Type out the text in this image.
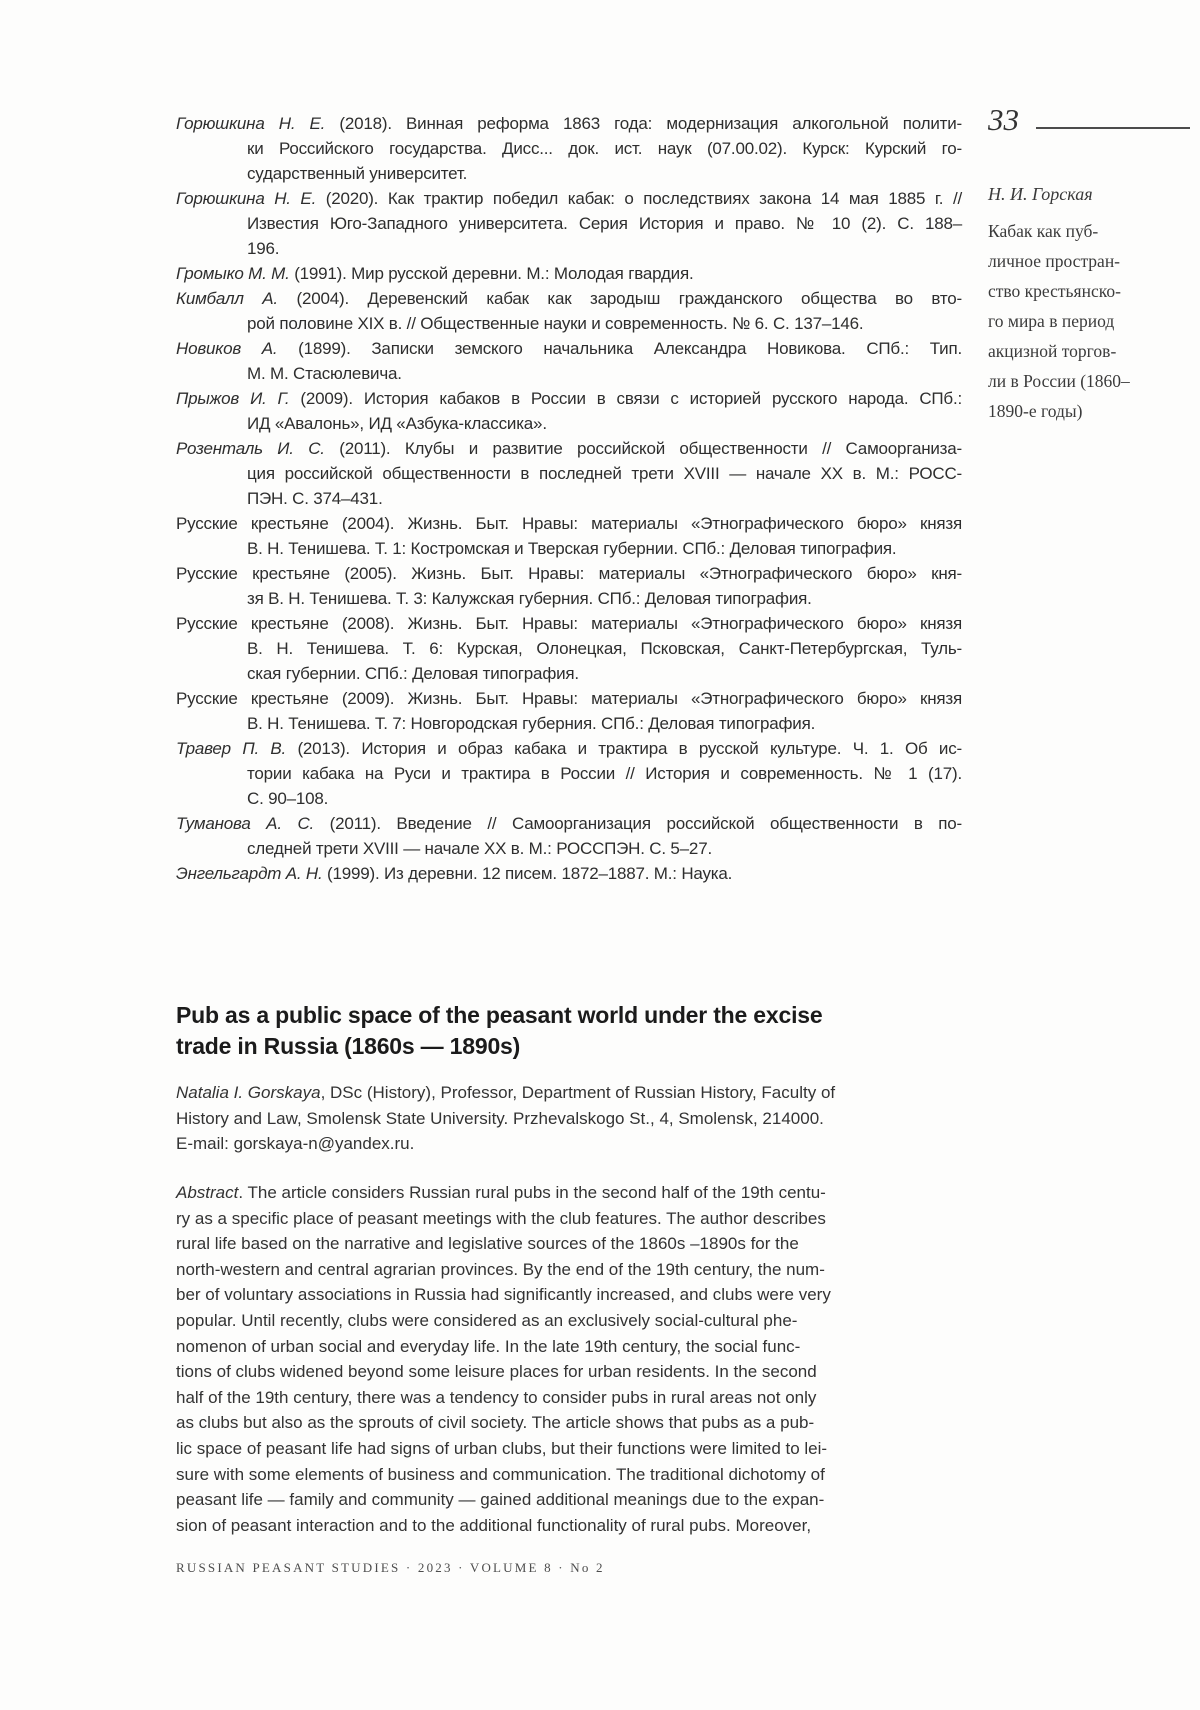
Горюшкина Н. Е. (2018). Винная реформа 1863 года: модернизация алкогольной полити-
ки Российского государства. Дисс... док. ист. наук (07.00.02). Курск: Курский го-
сударственный университет.
Горюшкина Н. Е. (2020). Как трактир победил кабак: о последствиях закона 14 мая 1885 г. //
Известия Юго-Западного университета. Серия История и право. № 10 (2). С. 188–
196.
Громыко М. М. (1991). Мир русской деревни. М.: Молодая гвардия.
Кимбалл А. (2004). Деревенский кабак как зародыш гражданского общества во вто-
рой половине XIX в. // Общественные науки и современность. № 6. С. 137–146.
Новиков А. (1899). Записки земского начальника Александра Новикова. СПб.: Тип.
М. М. Стасюлевича.
Прыжов И. Г. (2009). История кабаков в России в связи с историей русского народа. СПб.:
ИД «Авалонь», ИД «Азбука-классика».
Розенталь И. С. (2011). Клубы и развитие российской общественности // Самоорганиза-
ция российской общественности в последней трети XVIII — начале XX в. М.: РОСС-
ПЭН. С. 374–431.
Русские крестьяне (2004). Жизнь. Быт. Нравы: материалы «Этнографического бюро» князя
В. Н. Тенишева. Т. 1: Костромская и Тверская губернии. СПб.: Деловая типография.
Русские крестьяне (2005). Жизнь. Быт. Нравы: материалы «Этнографического бюро» кня-
зя В. Н. Тенишева. Т. 3: Калужская губерния. СПб.: Деловая типография.
Русские крестьяне (2008). Жизнь. Быт. Нравы: материалы «Этнографического бюро» князя
В. Н. Тенишева. Т. 6: Курская, Олонецкая, Псковская, Санкт-Петербургская, Туль-
ская губернии. СПб.: Деловая типография.
Русские крестьяне (2009). Жизнь. Быт. Нравы: материалы «Этнографического бюро» князя
В. Н. Тенишева. Т. 7: Новгородская губерния. СПб.: Деловая типография.
Травер П. В. (2013). История и образ кабака и трактира в русской культуре. Ч. 1. Об ис-
тории кабака на Руси и трактира в России // История и современность. № 1 (17).
С. 90–108.
Туманова А. С. (2011). Введение // Самоорганизация российской общественности в по-
следней трети XVIII — начале XX в. М.: РОССПЭН. С. 5–27.
Энгельгардт А. Н. (1999). Из деревни. 12 писем. 1872–1887. М.: Наука.
33
Н. И. Горская
Кабак как пуб-
личное простран-
ство крестьянско-
го мира в период
акцизной торгов-
ли в России (1860–
1890-е годы)
Pub as a public space of the peasant world under the excise
trade in Russia (1860s — 1890s)
Natalia I. Gorskaya, DSc (History), Professor, Department of Russian History, Faculty of
History and Law, Smolensk State University. Przhevalskogo St., 4, Smolensk, 214000.
E-mail: gorskaya-n@yandex.ru.
Abstract. The article considers Russian rural pubs in the second half of the 19th centu-
ry as a specific place of peasant meetings with the club features. The author describes
rural life based on the narrative and legislative sources of the 1860s –1890s for the
north-western and central agrarian provinces. By the end of the 19th century, the num-
ber of voluntary associations in Russia had significantly increased, and clubs were very
popular. Until recently, clubs were considered as an exclusively social-cultural phe-
nomenon of urban social and everyday life. In the late 19th century, the social func-
tions of clubs widened beyond some leisure places for urban residents. In the second
half of the 19th century, there was a tendency to consider pubs in rural areas not only
as clubs but also as the sprouts of civil society. The article shows that pubs as a pub-
lic space of peasant life had signs of urban clubs, but their functions were limited to lei-
sure with some elements of business and communication. The traditional dichotomy of
peasant life — family and community — gained additional meanings due to the expan-
sion of peasant interaction and to the additional functionality of rural pubs. Moreover,
RUSSIAN PEASANT STUDIES · 2023 · VOLUME 8 · No 2
